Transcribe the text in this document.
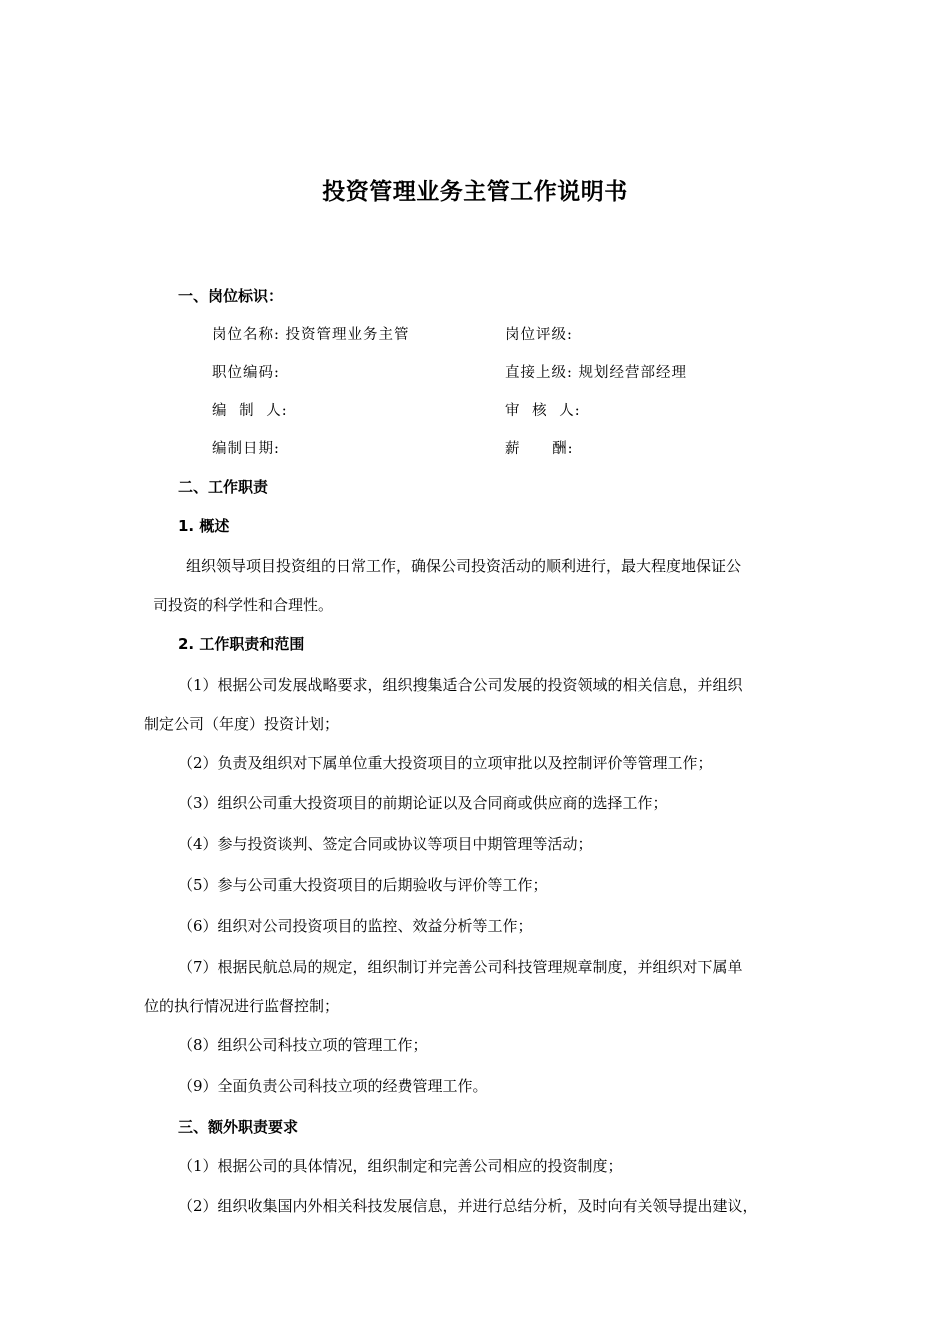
投资管理业务主管工作说明书
一、岗位标识：
岗位名称: 投资管理业务主管	岗位评级:
职位编码:	直接上级: 规划经营部经理
编 制 人:	审 核 人:
编制日期:	薪 酬:
二、工作职责
1. 概述
组织领导项目投资组的日常工作，确保公司投资活动的顺利进行，最大程度地保证公
司投资的科学性和合理性。
2. 工作职责和范围
（1）根据公司发展战略要求，组织搜集适合公司发展的投资领域的相关信息，并组织
制定公司（年度）投资计划；
（2）负责及组织对下属单位重大投资项目的立项审批以及控制评价等管理工作；
（3）组织公司重大投资项目的前期论证以及合同商或供应商的选择工作；
（4）参与投资谈判、签定合同或协议等项目中期管理等活动；
（5）参与公司重大投资项目的后期验收与评价等工作；
（6）组织对公司投资项目的监控、效益分析等工作；
（7）根据民航总局的规定，组织制订并完善公司科技管理规章制度，并组织对下属单
位的执行情况进行监督控制；
（8）组织公司科技立项的管理工作；
（9）全面负责公司科技立项的经费管理工作。
三、额外职责要求
（1）根据公司的具体情况，组织制定和完善公司相应的投资制度；
（2）组织收集国内外相关科技发展信息，并进行总结分析，及时向有关领导提出建议，
